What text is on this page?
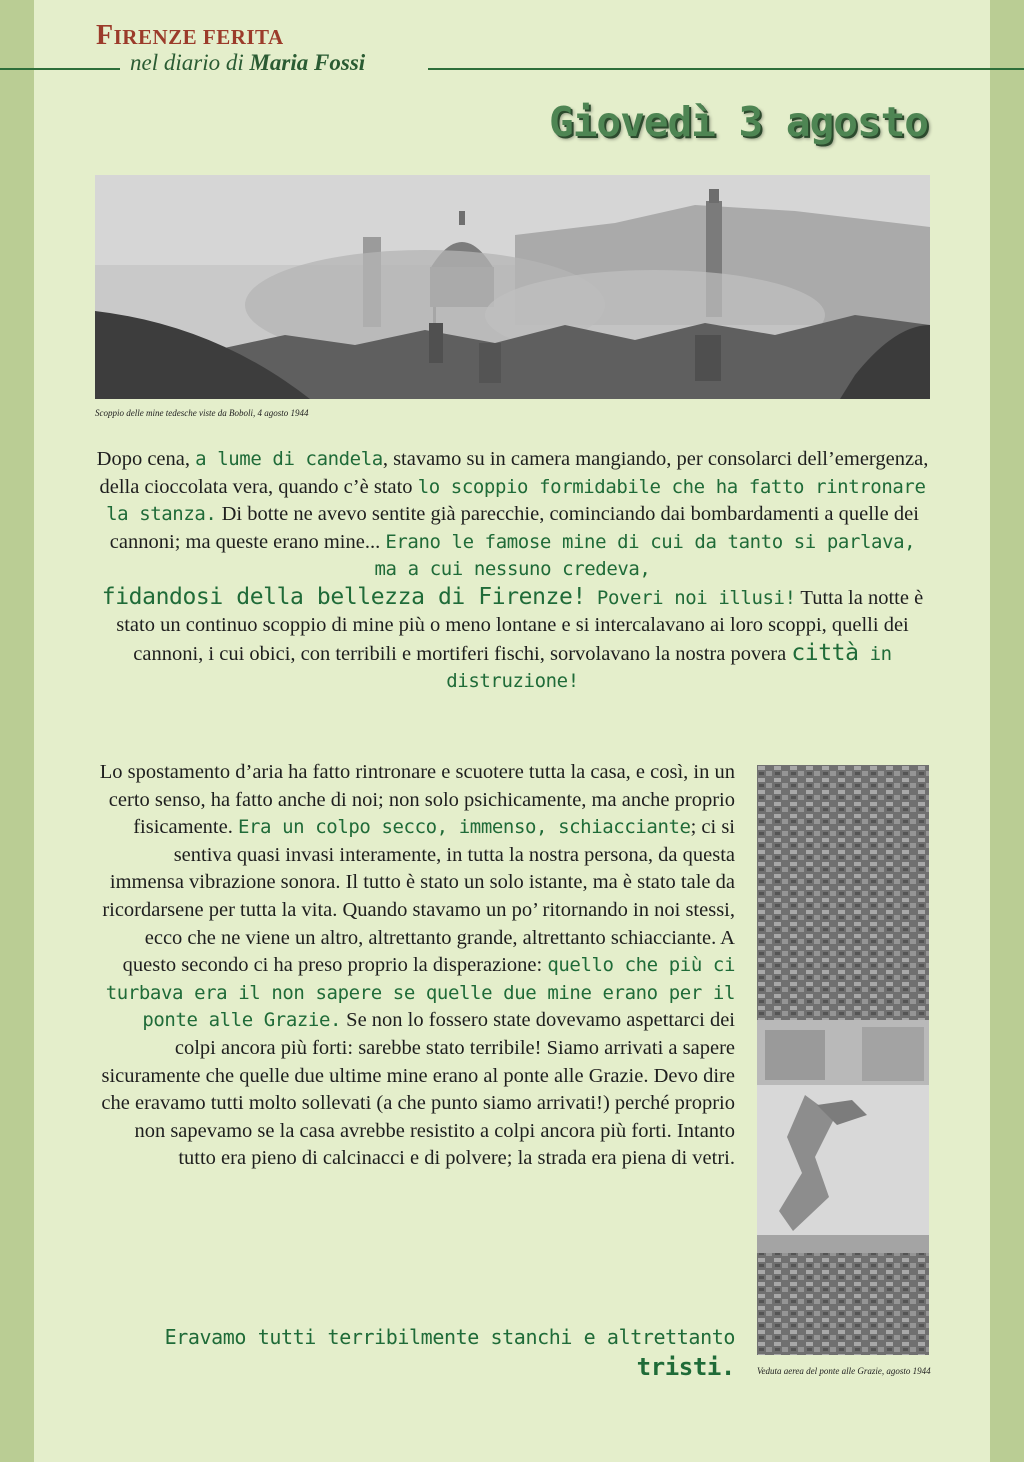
FIRENZE FERITA
nel diario di Maria Fossi
Giovedì 3 agosto
Scoppio delle mine tedesche viste da Boboli, 4 agosto 1944
Dopo cena, a lume di candela, stavamo su in camera mangiando, per consolarci dell’emergenza, della cioccolata vera, quando c’è stato lo scoppio formidabile che ha fatto rintronare la stanza. Di botte ne avevo sentite già parecchie, cominciando dai bombardamenti a quelle dei cannoni; ma queste erano mine... Erano le famose mine di cui da tanto si parlava, ma a cui nessuno credeva,
fidandosi della bellezza di Firenze! Poveri noi illusi! Tutta la notte è stato un continuo scoppio di mine più o meno lontane e si intercalavano ai loro scoppi, quelli dei cannoni, i cui obici, con terribili e mortiferi fischi, sorvolavano la nostra povera città in distruzione!
Lo spostamento d’aria ha fatto rintronare e scuotere tutta la casa, e così, in un certo senso, ha fatto anche di noi; non solo psichicamente, ma anche proprio fisicamente. Era un colpo secco, immenso, schiacciante; ci si sentiva quasi invasi interamente, in tutta la nostra persona, da questa immensa vibrazione sonora. Il tutto è stato un solo istante, ma è stato tale da ricordarsene per tutta la vita. Quando stavamo un po’ ritornando in noi stessi, ecco che ne viene un altro, altrettanto grande, altrettanto schiacciante. A questo secondo ci ha preso proprio la disperazione: quello che più ci turbava era il non sapere se quelle due mine erano per il ponte alle Grazie. Se non lo fossero state dovevamo aspettarci dei colpi ancora più forti: sarebbe stato terribile! Siamo arrivati a sapere sicuramente che quelle due ultime mine erano al ponte alle Grazie. Devo dire che eravamo tutti molto sollevati (a che punto siamo arrivati!) perché proprio non sapevamo se la casa avrebbe resistito a colpi ancora più forti. Intanto tutto era pieno di calcinacci e di polvere; la strada era piena di vetri.
Eravamo tutti terribilmente stanchi e altrettanto
tristi. Veduta aerea del ponte alle Grazie, agosto 1944
